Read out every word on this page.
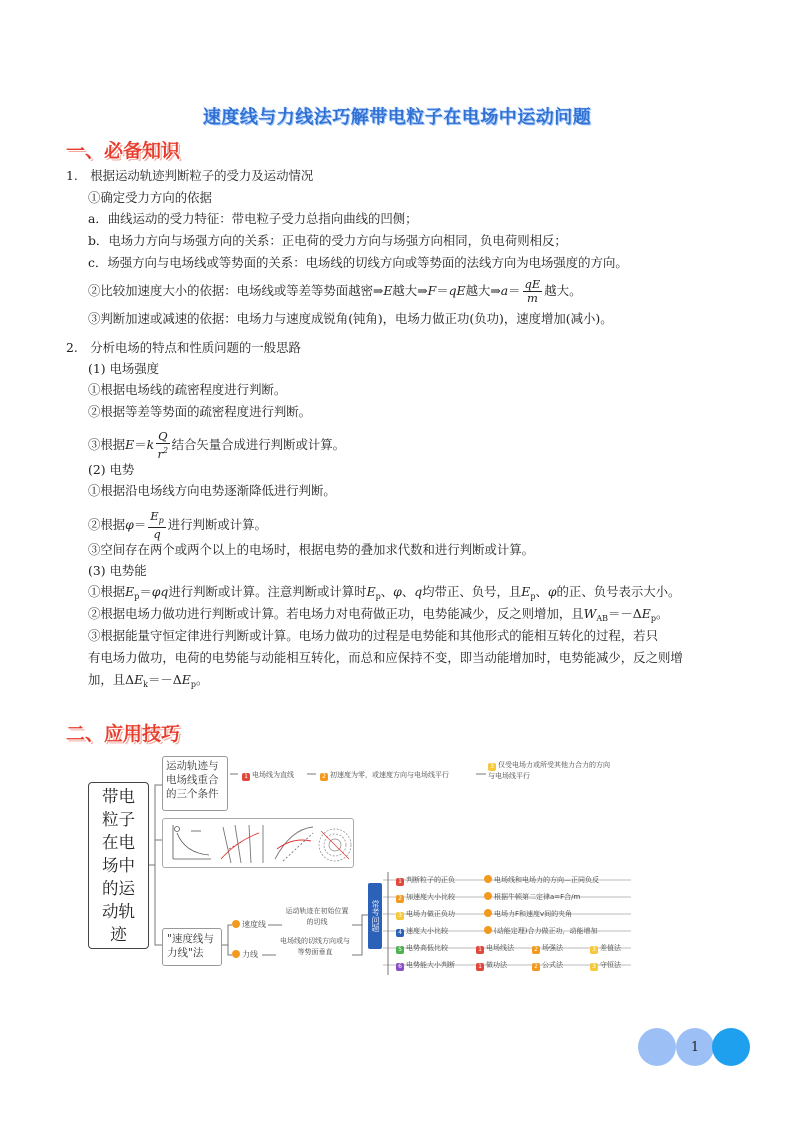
速度线与力线法巧解带电粒子在电场中运动问题
一、必备知识
二、应用技巧
1.　根据运动轨迹判断粒子的受力及运动情况
①确定受力方向的依据
a．曲线运动的受力特征：带电粒子受力总指向曲线的凹侧；
b．电场力方向与场强方向的关系：正电荷的受力方向与场强方向相同，负电荷则相反；
c．场强方向与电场线或等势面的关系：电场线的切线方向或等势面的法线方向为电场强度的方向。
②比较加速度大小的依据：电场线或等差等势面越密⇒E越大⇒F＝qE越大⇒a＝ $\frac{qE}{m}$ 越大。
③判断加速或减速的依据：电场力与速度成锐角(钝角)，电场力做正功(负功)，速度增加(减小)。
2.　分析电场的特点和性质问题的一般思路
(1) 电场强度
①根据电场线的疏密程度进行判断。
②根据等差等势面的疏密程度进行判断。
③根据$E=k \frac{Q}{r^2}$ 结合矢量合成进行判断或计算。
(2) 电势
①根据沿电场线方向电势逐渐降低进行判断。
②根据$\varphi= \frac{E_p}{q}$ 进行判断或计算。
③空间存在两个或两个以上的电场时，根据电势的叠加求代数和进行判断或计算。
(3) 电势能
①根据$E_p=\varphi q$进行判断或计算。注意判断或计算时$E_p$、φ、q均带正、负号，且$E_p$、φ的正、负号表示大小。
②根据电场力做功进行判断或计算。若电场力对电荷做正功，电势能减少，反之则增加，且$W_{AB}=-\Delta E_p$。
③根据能量守恒定律进行判断或计算。电场力做功的过程是电势能和其他形式的能相互转化的过程，若只
有电场力做功，电荷的电势能与动能相互转化，而总和应保持不变，即当动能增加时，电势能减少，反之则增
加，且$\Delta E_k=-\Delta E_p$。
带电粒子在电场中的运动轨迹
运动轨迹与电场线重合的三个条件
1 电场线为直线	2 初速度为零，或速度方向与电场线平行
3 仅受电场力或所受其他力合力的方向与电场线平行
"速度线与力线"法
速度线
运动轨迹在初始位置的切线
力线
电场线的切线方向或与等势面垂直
常考问题
1 判断粒子的正负	电场线和电场力的方向—正同负反
2 加速度大小比较	根据牛顿第二定律a=F合/m
3 电场力做正负功	电场力F和速度v间的夹角
4 速度大小比较	(动能定理)合力做正功，动能增加
5 电势高低比较	1 电场线法	2 场强法	3 差值法
6 电势能大小判断	1 做功法	2 公式法	3 守恒法
1
